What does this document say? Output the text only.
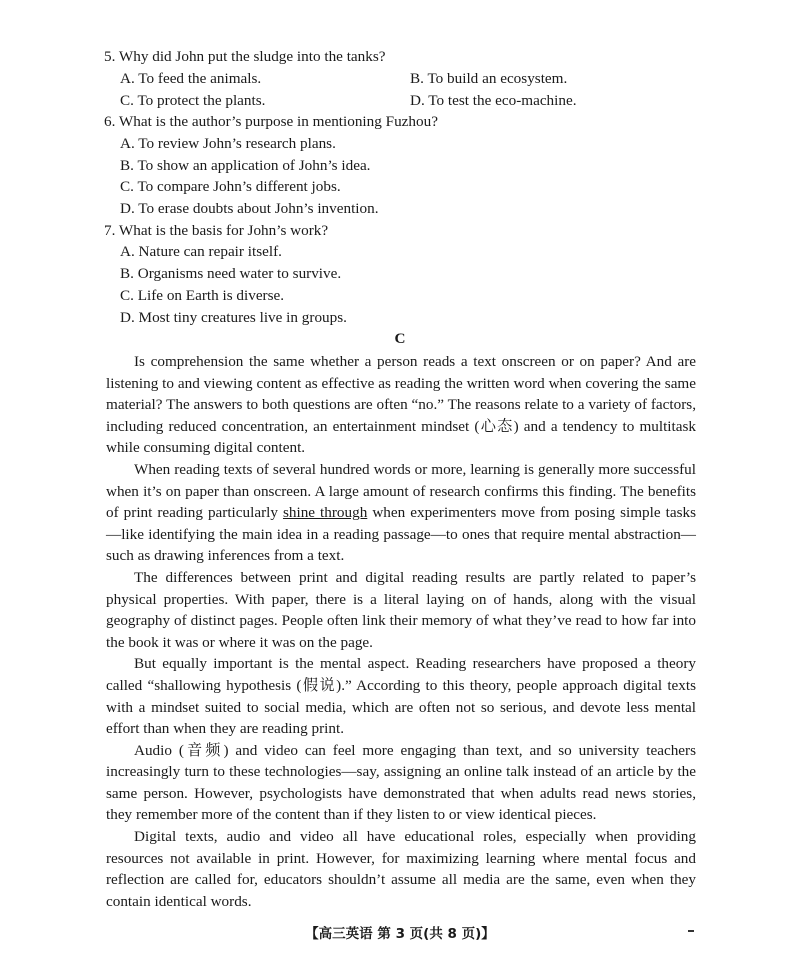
5. Why did John put the sludge into the tanks?
A. To feed the animals.	B. To build an ecosystem.
C. To protect the plants.	D. To test the eco-machine.
6. What is the author’s purpose in mentioning Fuzhou?
A. To review John’s research plans.
B. To show an application of John’s idea.
C. To compare John’s different jobs.
D. To erase doubts about John’s invention.
7. What is the basis for John’s work?
A. Nature can repair itself.
B. Organisms need water to survive.
C. Life on Earth is diverse.
D. Most tiny creatures live in groups.
C

Is comprehension the same whether a person reads a text onscreen or on paper? And are listening to and viewing content as effective as reading the written word when covering the same material? The answers to both questions are often “no.” The reasons relate to a variety of factors, including reduced concentration, an entertainment mindset (心态) and a tendency to multitask while consuming digital content.

When reading texts of several hundred words or more, learning is generally more successful when it’s on paper than onscreen. A large amount of research confirms this finding. The benefits of print reading particularly shine through when experimenters move from posing simple tasks—like identifying the main idea in a reading passage—to ones that require mental abstraction—such as drawing inferences from a text.

The differences between print and digital reading results are partly related to paper’s physical properties. With paper, there is a literal laying on of hands, along with the visual geography of distinct pages. People often link their memory of what they’ve read to how far into the book it was or where it was on the page.

But equally important is the mental aspect. Reading researchers have proposed a theory called “shallowing hypothesis (假说).” According to this theory, people approach digital texts with a mindset suited to social media, which are often not so serious, and devote less mental effort than when they are reading print.

Audio (音频) and video can feel more engaging than text, and so university teachers increasingly turn to these technologies—say, assigning an online talk instead of an article by the same person. However, psychologists have demonstrated that when adults read news stories, they remember more of the content than if they listen to or view identical pieces.

Digital texts, audio and video all have educational roles, especially when providing resources not available in print. However, for maximizing learning where mental focus and reflection are called for, educators shouldn’t assume all media are the same, even when they contain identical words.

【高三英语 第 3 页(共 8 页)】
